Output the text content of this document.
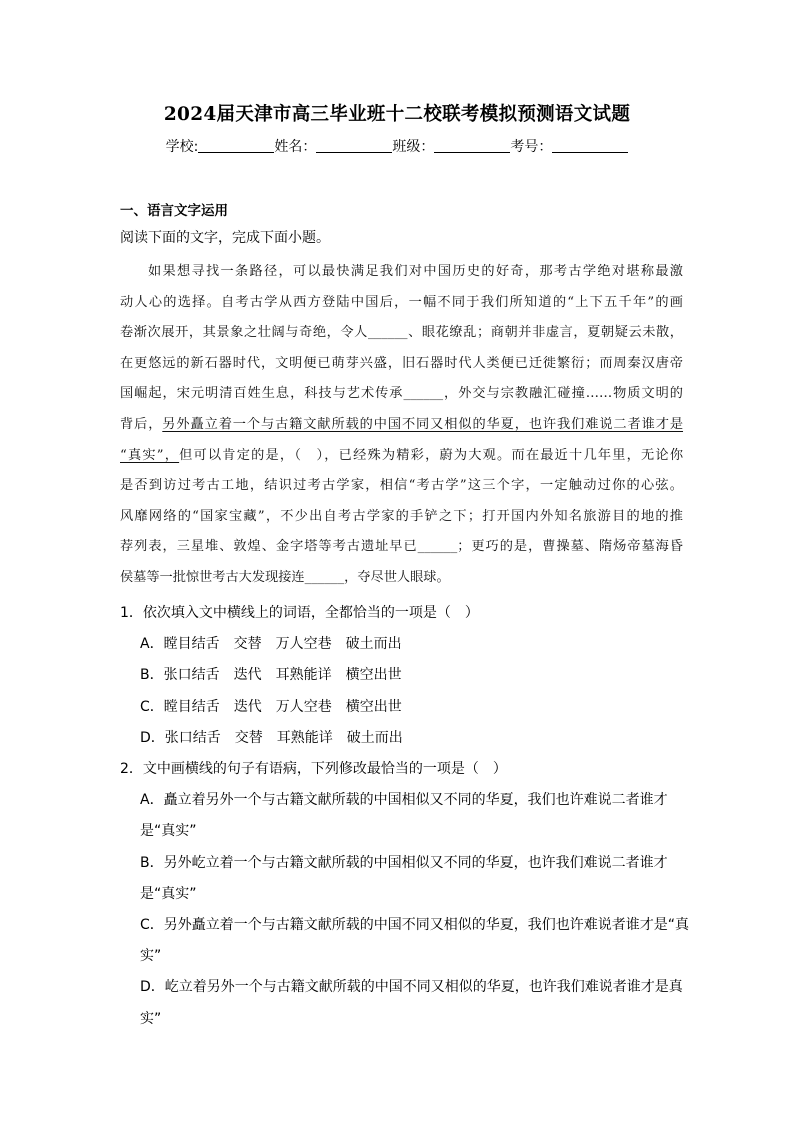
2024届天津市高三毕业班十二校联考模拟预测语文试题
学校:	姓名：	班级：	考号：
一、语言文字运用
阅读下面的文字，完成下面小题。
如果想寻找一条路径，可以最快满足我们对中国历史的好奇，那考古学绝对堪称最激
动人心的选择。自考古学从西方登陆中国后，一幅不同于我们所知道的“上下五千年”的画
卷渐次展开，其景象之壮阔与奇绝，令人______、眼花缭乱；商朝并非虚言，夏朝疑云未散，
在更悠远的新石器时代，文明便已萌芽兴盛，旧石器时代人类便已迁徙繁衍；而周秦汉唐帝
国崛起，宋元明清百姓生息，科技与艺术传承______，外交与宗教融汇碰撞……物质文明的
背后，另外矗立着一个与古籍文献所载的中国不同又相似的华夏，也许我们难说二者谁才是
“真实”，但可以肯定的是，（　），已经殊为精彩，蔚为大观。而在最近十几年里，无论你
是否到访过考古工地，结识过考古学家，相信“考古学”这三个字，一定触动过你的心弦。
风靡网络的“国家宝藏”，不少出自考古学家的手铲之下；打开国内外知名旅游目的地的推
荐列表，三星堆、敦煌、金字塔等考古遗址早已______；更巧的是，曹操墓、隋炀帝墓海昏
侯墓等一批惊世考古大发现接连______，夺尽世人眼球。
1．依次填入文中横线上的词语，全都恰当的一项是（　）
A．瞠目结舌　交替　万人空巷　破土而出
B．张口结舌　迭代　耳熟能详　横空出世
C．瞠目结舌　迭代　万人空巷　横空出世
D．张口结舌　交替　耳熟能详　破土而出
2．文中画横线的句子有语病，下列修改最恰当的一项是（　）
A．矗立着另外一个与古籍文献所载的中国相似又不同的华夏，我们也许难说二者谁才
是“真实”
B．另外屹立着一个与古籍文献所载的中国相似又不同的华夏，也许我们难说二者谁才
是“真实”
C．另外矗立着一个与古籍文献所载的中国不同又相似的华夏，我们也许难说者谁才是“真
实”
D．屹立着另外一个与古籍文献所载的中国不同又相似的华夏，也许我们难说者谁才是真
实”
